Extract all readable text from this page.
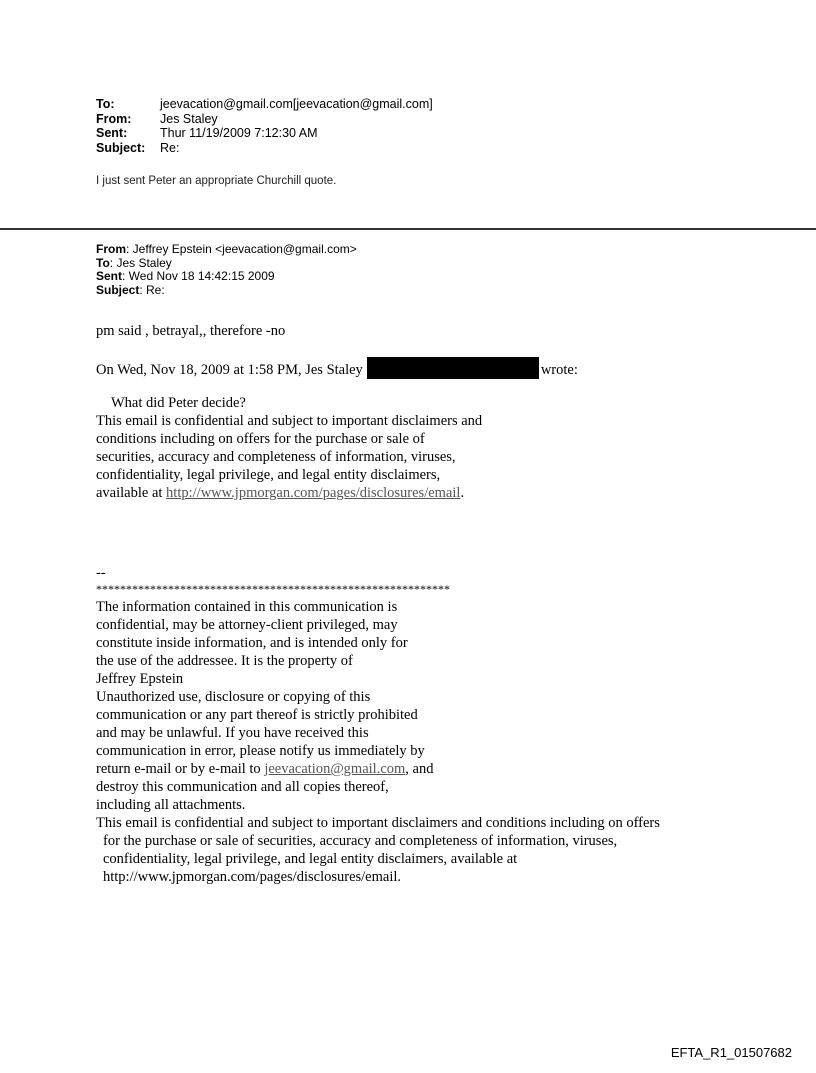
To:	jeevacation@gmail.com[jeevacation@gmail.com]
From:	Jes Staley
Sent:	Thur 11/19/2009 7:12:30 AM
Subject:	Re:
I just sent Peter an appropriate Churchill quote.
From: Jeffrey Epstein <jeevacation@gmail.com>
To: Jes Staley
Sent: Wed Nov 18 14:42:15 2009
Subject: Re:
pm said , betrayal,, therefore -no
On Wed, Nov 18, 2009 at 1:58 PM, Jes Staley	wrote:
What did Peter decide?
This email is confidential and subject to important disclaimers and
conditions including on offers for the purchase or sale of
securities, accuracy and completeness of information, viruses,
confidentiality, legal privilege, and legal entity disclaimers,
available at http://www.jpmorgan.com/pages/disclosures/email.
--
***********************************************************
The information contained in this communication is
confidential, may be attorney-client privileged, may
constitute inside information, and is intended only for
the use of the addressee. It is the property of
Jeffrey Epstein
Unauthorized use, disclosure or copying of this
communication or any part thereof is strictly prohibited
and may be unlawful. If you have received this
communication in error, please notify us immediately by
return e-mail or by e-mail to jeevacation@gmail.com, and
destroy this communication and all copies thereof,
including all attachments.
This email is confidential and subject to important disclaimers and conditions including on offers
for the purchase or sale of securities, accuracy and completeness of information, viruses,
confidentiality, legal privilege, and legal entity disclaimers, available at
http://www.jpmorgan.com/pages/disclosures/email.
EFTA_R1_01507682
